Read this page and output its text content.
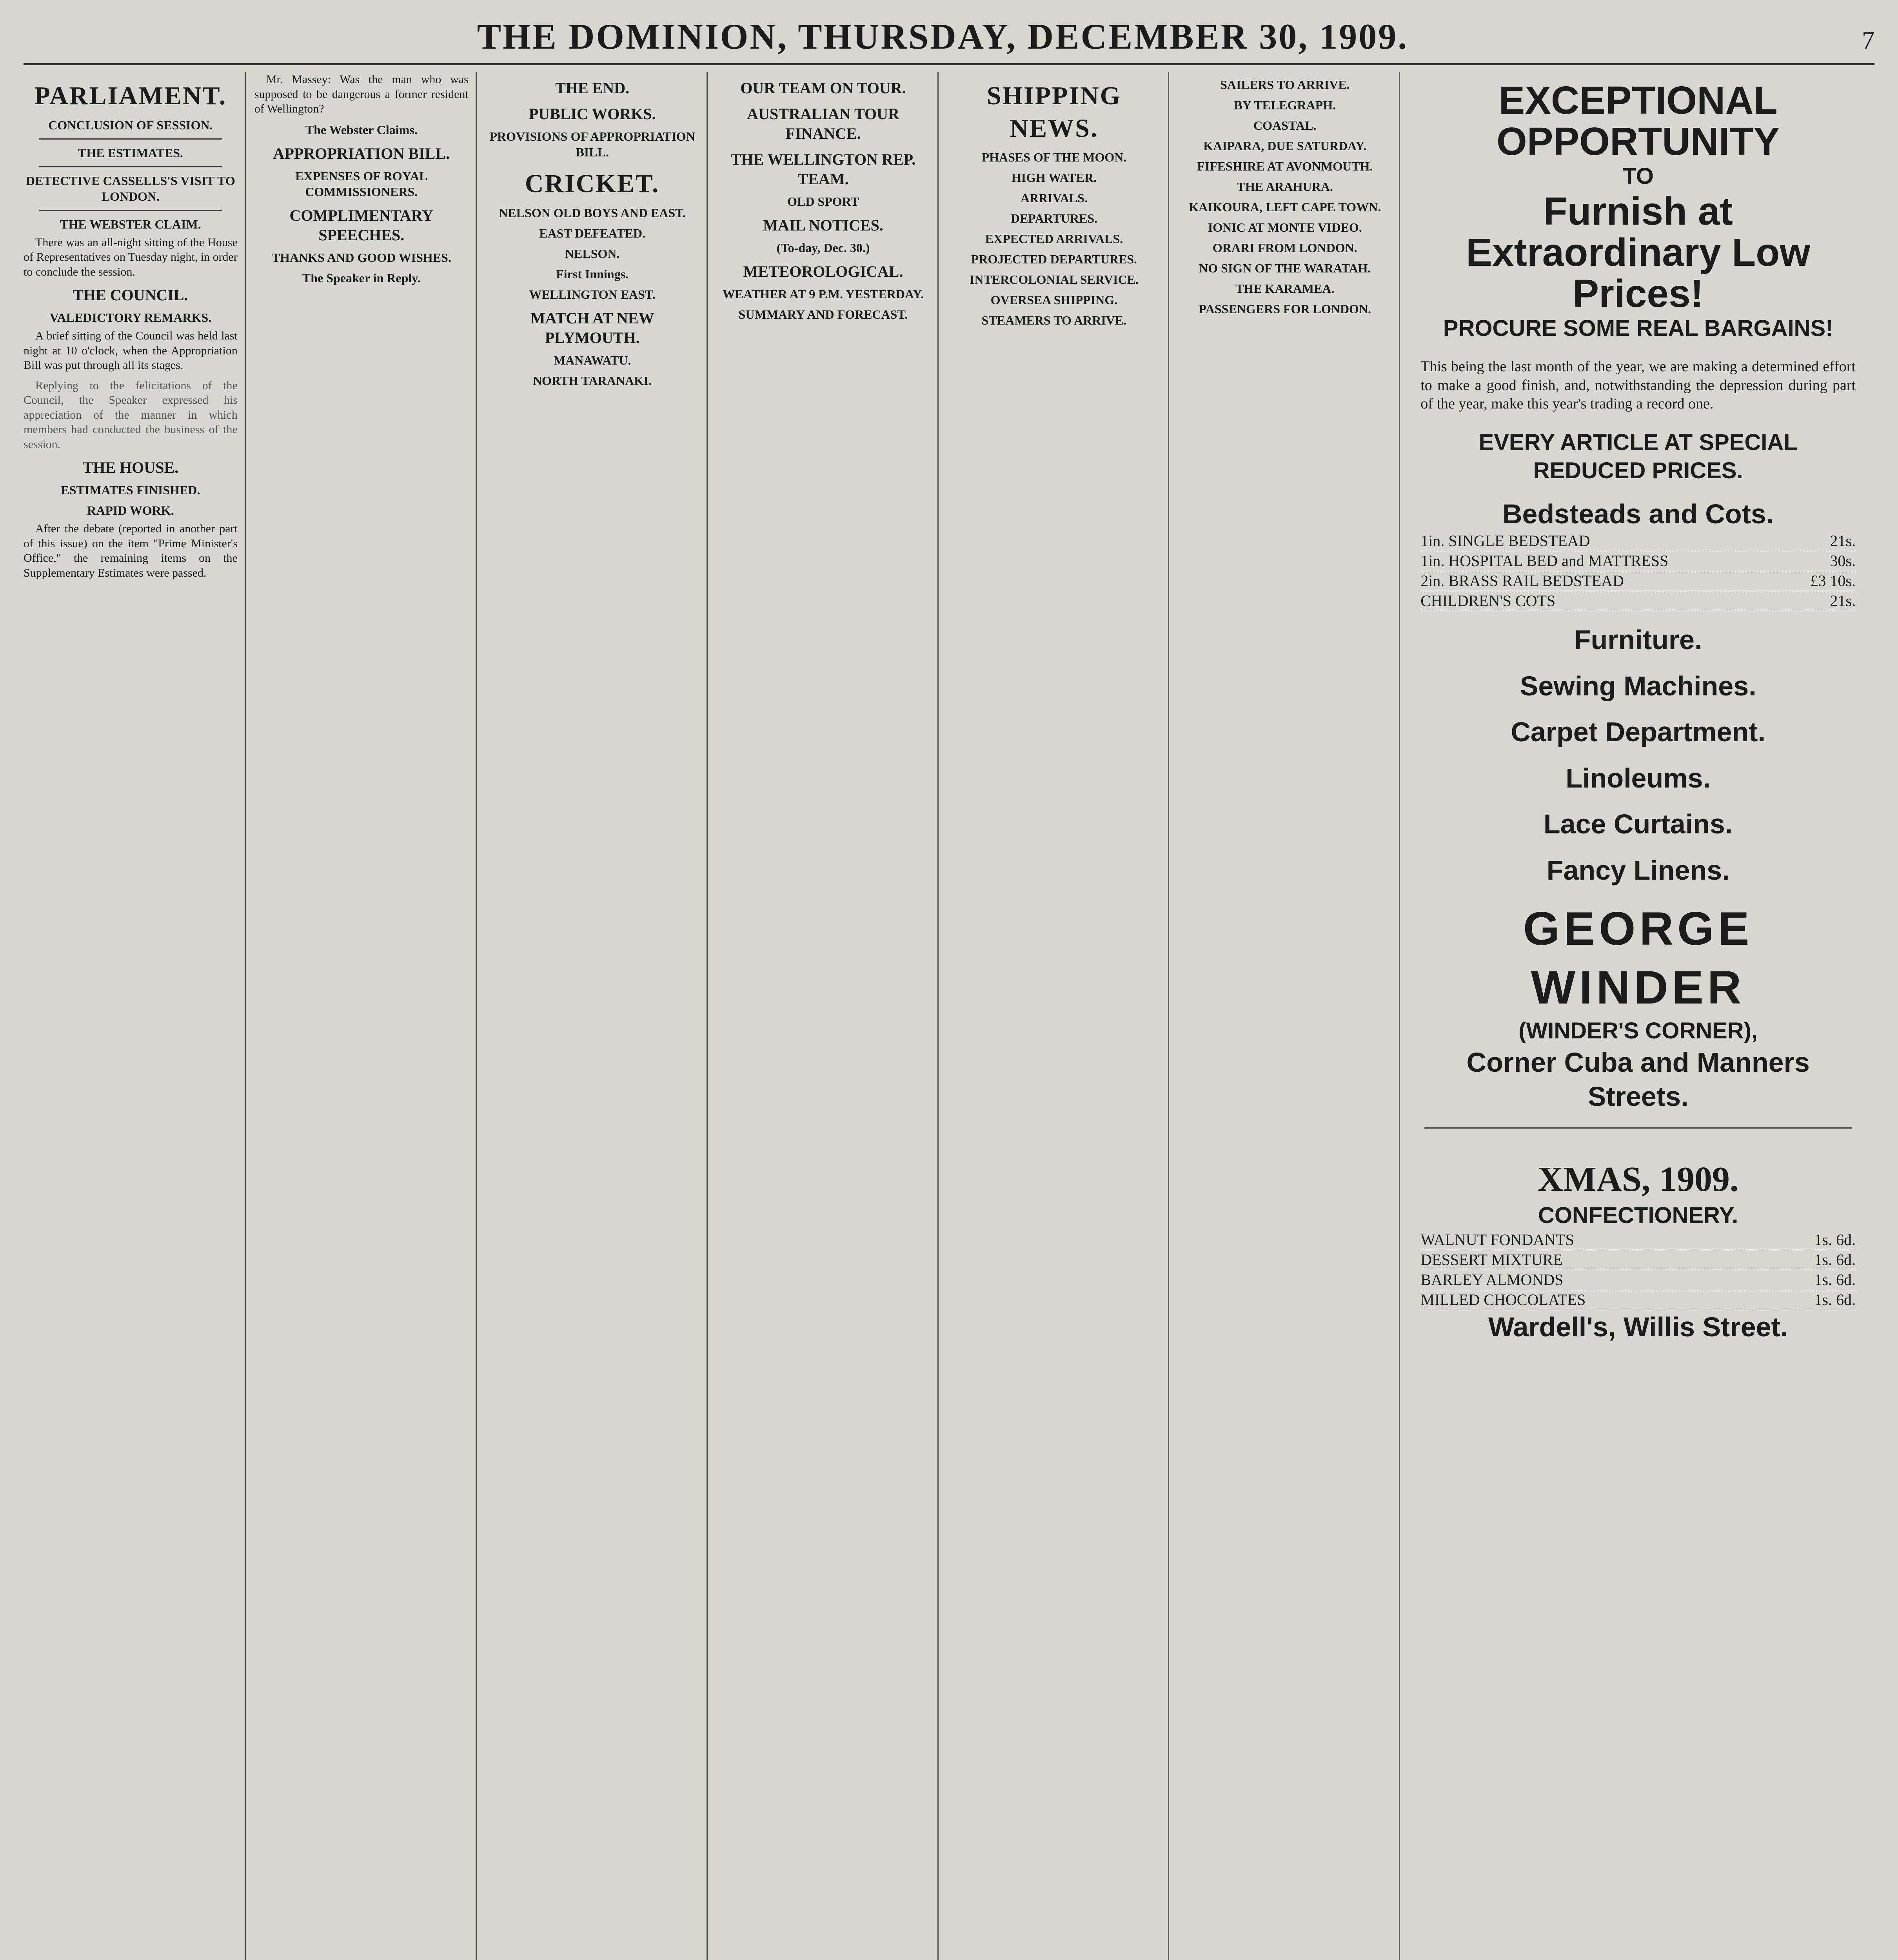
THE DOMINION, THURSDAY, DECEMBER 30, 1909.	7
PARLIAMENT.
CONCLUSION OF SESSION.
THE ESTIMATES.
DETECTIVE CASSELLS'S VISIT TO LONDON.
THE WEBSTER CLAIM.

There was an all-night sitting of the House of Representatives on Tuesday night, in order to conclude the session.

THE COUNCIL.
VALEDICTORY REMARKS.

A brief sitting of the Council was held last night at 10 o'clock, when the Appropriation Bill was put through all its stages.

Replying to the felicitations of the Council, the Speaker expressed his appreciation of the manner in which members had conducted the business of the session.

THE HOUSE.
ESTIMATES FINISHED.
RAPID WORK.

After the debate (reported in another part of this issue) on the item "Prime Minister's Office," the remaining items on the Supplementary Estimates were passed.

Mr. Massey: Was the man who was supposed to be dangerous a former resident of Wellington?

The Webster Claims.
APPROPRIATION BILL.
EXPENSES OF ROYAL COMMISSIONERS.
COMPLIMENTARY SPEECHES.
THANKS AND GOOD WISHES.
The Speaker in Reply.
THE END.
PUBLIC WORKS.
PROVISIONS OF APPROPRIATION BILL.
CRICKET.
NELSON OLD BOYS AND EAST.
EAST DEFEATED.
NELSON.
First Innings.
WELLINGTON EAST.
MATCH AT NEW PLYMOUTH.
MANAWATU.
NORTH TARANAKI.
OUR TEAM ON TOUR.
AUSTRALIAN TOUR FINANCE.
THE WELLINGTON REP. TEAM.
OLD SPORT
MAIL NOTICES.
(To-day, Dec. 30.)
METEOROLOGICAL.
WEATHER AT 9 P.M. YESTERDAY.
SUMMARY AND FORECAST.
SHIPPING NEWS.
PHASES OF THE MOON.
HIGH WATER.
ARRIVALS.
DEPARTURES.
EXPECTED ARRIVALS.
PROJECTED DEPARTURES.
INTERCOLONIAL SERVICE.
OVERSEA SHIPPING.
STEAMERS TO ARRIVE.
SAILERS TO ARRIVE.
BY TELEGRAPH.
COASTAL.
KAIPARA, DUE SATURDAY.
FIFESHIRE AT AVONMOUTH.
THE ARAHURA.
KAIKOURA, LEFT CAPE TOWN.
IONIC AT MONTE VIDEO.
ORARI FROM LONDON.
NO SIGN OF THE WARATAH.
THE KARAMEA.
PASSENGERS FOR LONDON.
EXCEPTIONAL OPPORTUNITY
TO
Furnish at Extraordinary Low Prices!
PROCURE SOME REAL BARGAINS!

This being the last month of the year, we are making a determined effort to make a good finish, and, notwithstanding the depression during part of the year, make this year's trading a record one.

EVERY ARTICLE AT SPECIAL REDUCED PRICES.
Bedsteads and Cots.
1in. SINGLE BEDSTEAD	21s.
1in. HOSPITAL BED and MATTRESS	30s.
2in. BRASS RAIL BEDSTEAD	£3 10s.
CHILDREN'S COTS	21s.
Furniture.
Sewing Machines.
Carpet Department.
Linoleums.
Lace Curtains.
Fancy Linens.
GEORGE WINDER
(WINDER'S CORNER),
Corner Cuba and Manners Streets.
XMAS, 1909.
CONFECTIONERY.
WALNUT FONDANTS	1s. 6d.
DESSERT MIXTURE	1s. 6d.
BARLEY ALMONDS	1s. 6d.
MILLED CHOCOLATES	1s. 6d.
Wardell's, Willis Street.
